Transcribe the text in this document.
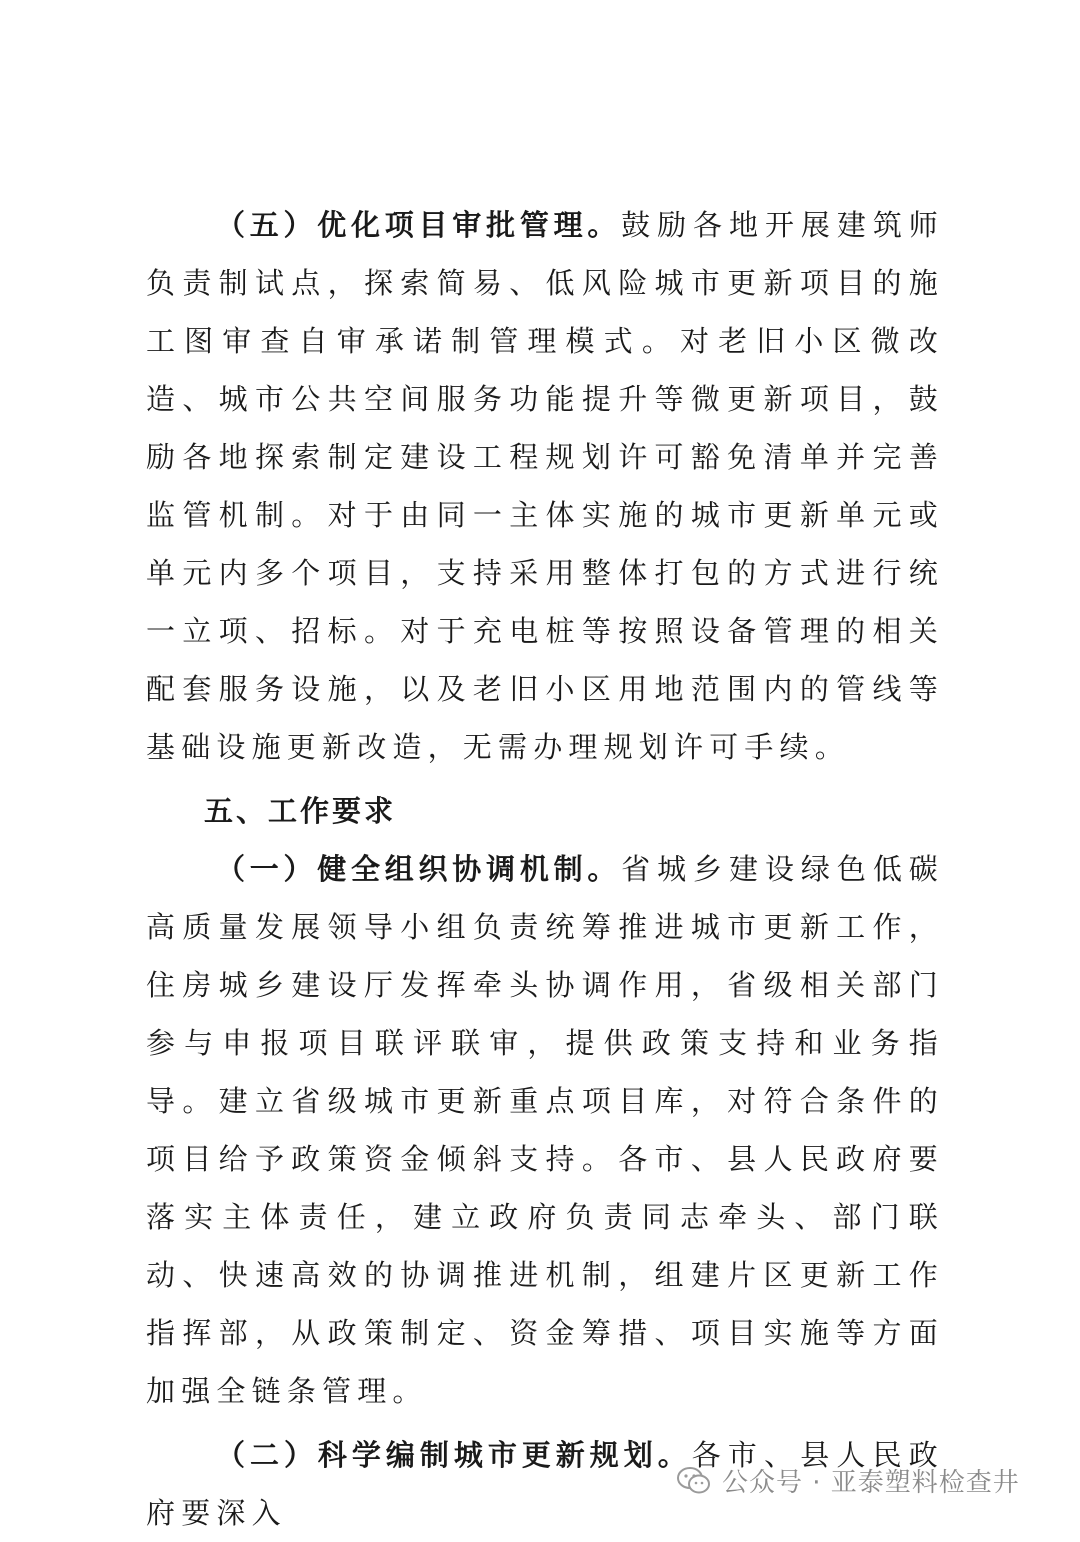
（五）优化项目审批管理。鼓励各地开展建筑师负责制试点，探索简易、低风险城市更新项目的施工图审查自审承诺制管理模式。对老旧小区微改造、城市公共空间服务功能提升等微更新项目，鼓励各地探索制定建设工程规划许可豁免清单并完善监管机制。对于由同一主体实施的城市更新单元或单元内多个项目，支持采用整体打包的方式进行统一立项、招标。对于充电桩等按照设备管理的相关配套服务设施，以及老旧小区用地范围内的管线等基础设施更新改造，无需办理规划许可手续。

五、工作要求

（一）健全组织协调机制。省城乡建设绿色低碳高质量发展领导小组负责统筹推进城市更新工作，住房城乡建设厅发挥牵头协调作用，省级相关部门参与申报项目联评联审，提供政策支持和业务指导。建立省级城市更新重点项目库，对符合条件的项目给予政策资金倾斜支持。各市、县人民政府要落实主体责任，建立政府负责同志牵头、部门联动、快速高效的协调推进机制，组建片区更新工作指挥部，从政策制定、资金筹措、项目实施等方面加强全链条管理。

（二）科学编制城市更新规划。各市、县人民政府要深入

公众号 · 亚泰塑料检查井
